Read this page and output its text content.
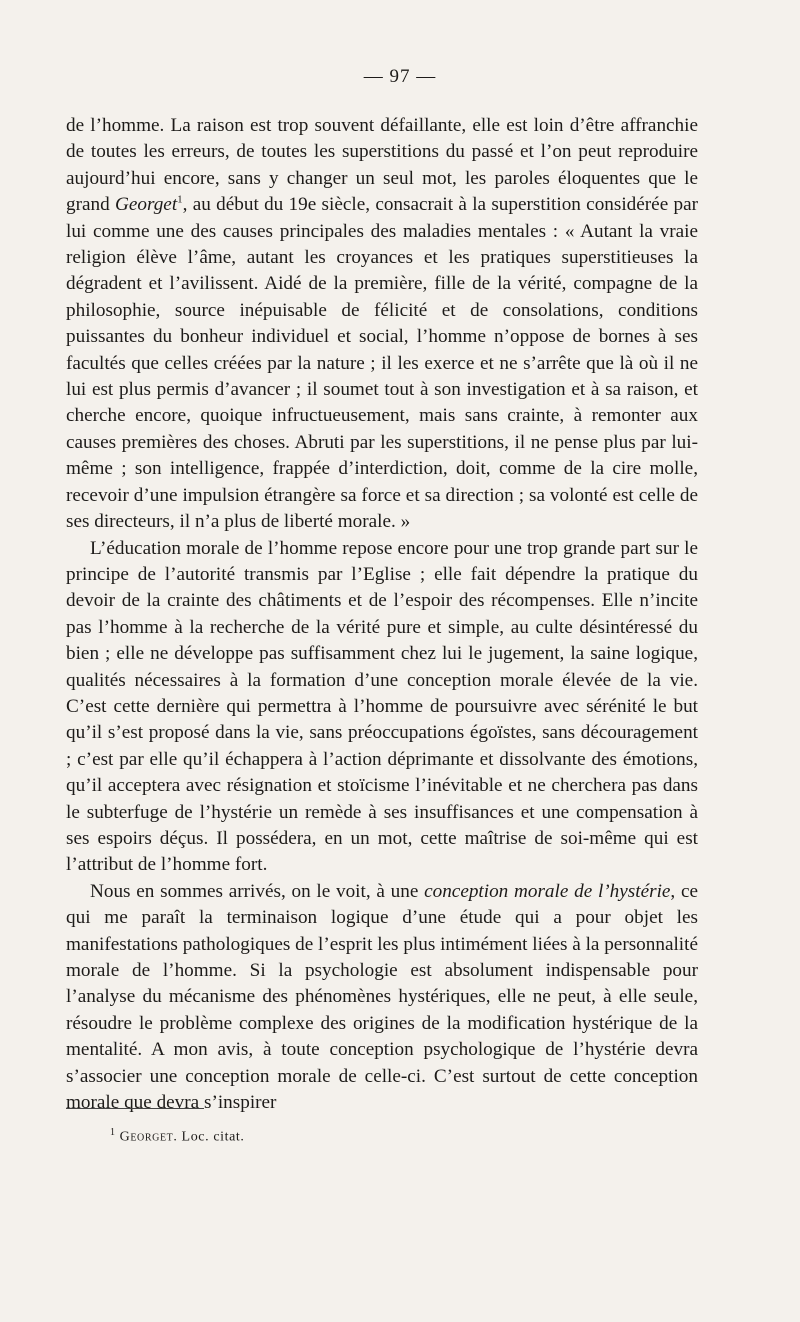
— 97 —

de l’homme. La raison est trop souvent défaillante, elle est loin d’être affranchie de toutes les erreurs, de toutes les superstitions du passé et l’on peut reproduire aujourd’hui encore, sans y changer un seul mot, les paroles éloquentes que le grand Georget$^1$, au début du 19e siècle, consacrait à la superstition considérée par lui comme une des causes principales des maladies mentales : « Autant la vraie religion élève l’âme, autant les croyances et les pratiques superstitieuses la dégradent et l’avilissent. Aidé de la première, fille de la vérité, compagne de la philosophie, source inépuisable de félicité et de consolations, conditions puissantes du bonheur individuel et social, l’homme n’oppose de bornes à ses facultés que celles créées par la nature ; il les exerce et ne s’arrête que là où il ne lui est plus permis d’avancer ; il soumet tout à son investigation et à sa raison, et cherche encore, quoique infructueusement, mais sans crainte, à remonter aux causes premières des choses. Abruti par les superstitions, il ne pense plus par lui-même ; son intelligence, frappée d’interdiction, doit, comme de la cire molle, recevoir d’une impulsion étrangère sa force et sa direction ; sa volonté est celle de ses directeurs, il n’a plus de liberté morale. »

L’éducation morale de l’homme repose encore pour une trop grande part sur le principe de l’autorité transmis par l’Eglise ; elle fait dépendre la pratique du devoir de la crainte des châtiments et de l’espoir des récompenses. Elle n’incite pas l’homme à la recherche de la vérité pure et simple, au culte désintéressé du bien ; elle ne développe pas suffisamment chez lui le jugement, la saine logique, qualités nécessaires à la formation d’une conception morale élevée de la vie. C’est cette dernière qui permettra à l’homme de poursuivre avec sérénité le but qu’il s’est proposé dans la vie, sans préoccupations égoïstes, sans découragement ; c’est par elle qu’il échappera à l’action déprimante et dissolvante des émotions, qu’il acceptera avec résignation et stoïcisme l’inévitable et ne cherchera pas dans le subterfuge de l’hystérie un remède à ses insuffisances et une compensation à ses espoirs déçus. Il possédera, en un mot, cette maîtrise de soi-même qui est l’attribut de l’homme fort.

Nous en sommes arrivés, on le voit, à une conception morale de l’hystérie, ce qui me paraît la terminaison logique d’une étude qui a pour objet les manifestations pathologiques de l’esprit les plus intimément liées à la personnalité morale de l’homme. Si la psychologie est absolument indispensable pour l’analyse du mécanisme des phénomènes hystériques, elle ne peut, à elle seule, résoudre le problème complexe des origines de la modification hystérique de la mentalité. A mon avis, à toute conception psychologique de l’hystérie devra s’associer une conception morale de celle-ci. C’est surtout de cette conception morale que devra s’inspirer

$^1$ Georget. Loc. citat.
